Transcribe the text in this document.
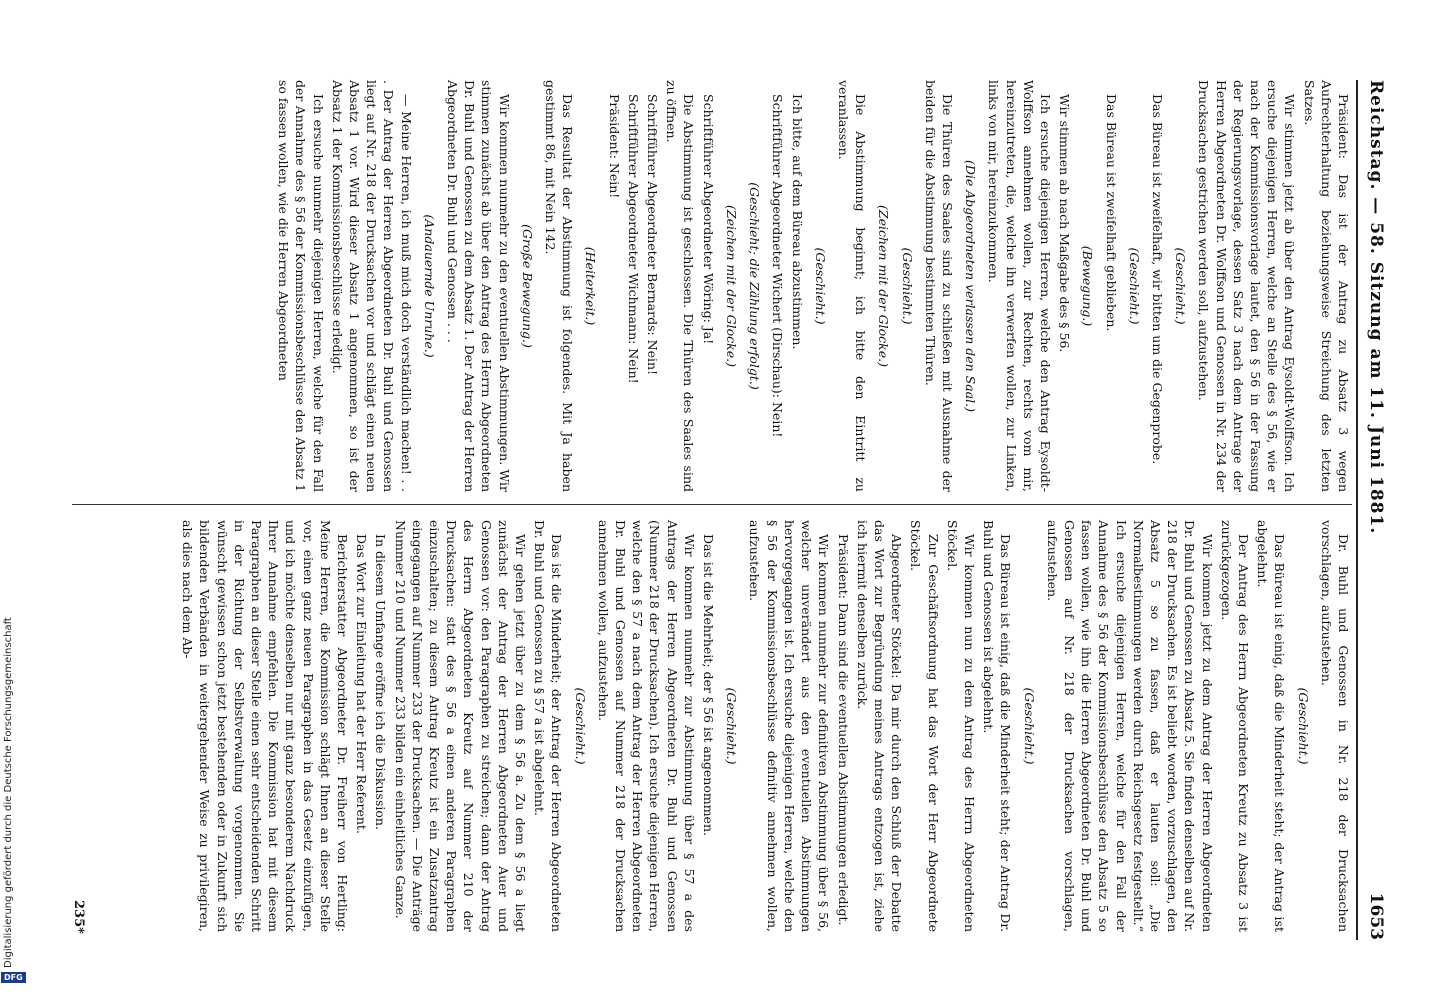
Reichstag. — 58. Sitzung am 11. Juni 1881.
1653

Präsident: Das ist der Antrag zu Absatz 3 wegen Aufrechterhaltung beziehungsweise Streichung des letzten Satzes.

Wir stimmen jetzt ab über den Antrag Eysoldt-Wolffson. Ich ersuche diejenigen Herren, welche an Stelle des § 56, wie er nach der Kommissionsvorlage lautet, den § 56 in der Fassung der Regierungsvorlage, dessen Satz 3 nach dem Antrage der Herren Abgeordneten Dr. Wolffson und Genossen in Nr. 234 der Drucksachen gestrichen werden soll, aufzustehen.

(Geschieht.)

Das Büreau ist zweifelhaft, wir bitten um die Gegenprobe.

(Geschieht.)

Das Büreau ist zweifelhaft geblieben.

(Bewegung.)

Wir stimmen ab nach Maßgabe des § 56.

Ich ersuche diejenigen Herren, welche den Antrag Eysoldt-Wolffson annehmen wollen, zur Rechten, rechts vom mir, hereinzutreten, die, welche ihn verwerfen wollen, zur Linken, links von mir, hereinzukommen.

(Die Abgeordneten verlassen den Saal.)

Die Thüren des Saales sind zu schließen mit Ausnahme der beiden für die Abstimmung bestimmten Thüren.

(Geschieht.)

(Zeichen mit der Glocke.)

Die Abstimmung beginnt; ich bitte den Eintritt zu veranlassen.

(Geschieht.)

Ich bitte, auf dem Büreau abzustimmen.

Schriftführer Abgeordneter Wichert (Dirschau): Nein!

(Geschieht; die Zählung erfolgt.)

(Zeichen mit der Glocke.)

Schriftführer Abgeordneter Wöring: Ja!

Die Abstimmung ist geschlossen. Die Thüren des Saales sind zu öffnen.

Schriftführer Abgeordneter Bernards: Nein!

Schriftführer Abgeordneter Wichmann: Nein!

Präsident: Nein!

(Heiterkeit.)

Das Resultat der Abstimmung ist folgendes. Mit Ja haben gestimmt 86, mit Nein 142.

(Große Bewegung.)

Wir kommen nunmehr zu den eventuellen Abstimmungen. Wir stimmen zunächst ab über den Antrag des Herrn Abgeordneten Dr. Buhl und Genossen zu dem Absatz 1. Der Antrag der Herren Abgeordneten Dr. Buhl und Genossen . . .

(Andauernde Unruhe.)

— Meine Herren, ich muß mich doch verständlich machen! . . . Der Antrag der Herren Abgeordneten Dr. Buhl und Genossen liegt auf Nr. 218 der Drucksachen vor und schlägt einen neuen Absatz 1 vor. Wird dieser Absatz 1 angenommen, so ist der Absatz 1 der Kommissionsbeschlüsse erledigt.

Ich ersuche nunmehr diejenigen Herren, welche für den Fall der Annahme des § 56 der Kommissionsbeschlüsse den Absatz 1 so fassen wollen, wie die Herren Abgeordneten

Dr. Buhl und Genossen in Nr. 218 der Drucksachen vorschlagen, aufzustehen.

(Geschieht.)

Das Büreau ist einig, daß die Minderheit steht; der Antrag ist abgelehnt.

Der Antrag des Herrn Abgeordneten Kreutz zu Absatz 3 ist zurückgezogen.

Wir kommen jetzt zu dem Antrag der Herren Abgeordneten Dr. Buhl und Genossen zu Absatz 5. Sie finden denselben auf Nr. 218 der Drucksachen. Es ist beliebt worden, vorzuschlagen, den Absatz 5 so zu fassen, daß er lauten soll: „Die Normalbestimmungen werden durch Reichsgesetz festgestellt.“ Ich ersuche diejenigen Herren, welche für den Fall der Annahme des § 56 der Kommissionsbeschlüsse den Absatz 5 so fassen wollen, wie ihn die Herren Abgeordneten Dr. Buhl und Genossen auf Nr. 218 der Drucksachen vorschlagen, aufzustehen.

(Geschieht.)

Das Büreau ist einig, daß die Minderheit steht; der Antrag Dr. Buhl und Genossen ist abgelehnt.

Wir kommen nun zu dem Antrag des Herrn Abgeordneten Stöckel.

Zur Geschäftsordnung hat das Wort der Herr Abgeordnete Stöckel.

Abgeordneter Stöckel: Da mir durch den Schluß der Debatte das Wort zur Begründung meines Antrags entzogen ist, ziehe ich hiermit denselben zurück.

Präsident: Dann sind die eventuellen Abstimmungen erledigt.

Wir kommen nunmehr zur definitiven Abstimmung über § 56, welcher unverändert aus den eventuellen Abstimmungen hervorgegangen ist. Ich ersuche diejenigen Herren, welche den § 56 der Kommissionsbeschlüsse definitiv annehmen wollen, aufzustehen.

(Geschieht.)

Das ist die Mehrheit; der § 56 ist angenommen.

Wir kommen nunmehr zur Abstimmung über § 57 a des Antrags der Herren Abgeordneten Dr. Buhl und Genossen (Nummer 218 der Drucksachen). Ich ersuche diejenigen Herren, welche den § 57 a nach dem Antrag der Herren Abgeordneten Dr. Buhl und Genossen auf Nummer 218 der Drucksachen annehmen wollen, aufzustehen.

(Geschieht.)

Das ist die Minderheit; der Antrag der Herren Abgeordneten Dr. Buhl und Genossen zu § 57 a ist abgelehnt.

Wir gehen jetzt über zu dem § 56 a. Zu dem § 56 a liegt zunächst der Antrag der Herren Abgeordneten Auer und Genossen vor: den Paragraphen zu streichen; dann der Antrag des Herrn Abgeordneten Kreutz auf Nummer 210 der Drucksachen: statt des § 56 a einen anderen Paragraphen einzuschalten; zu diesem Antrag Kreutz ist ein Zusatzantrag eingegangen auf Nummer 233 der Drucksachen. — Die Anträge Nummer 210 und Nummer 233 bilden ein einheitliches Ganze.

In diesem Umfange eröffne ich die Diskussion.

Das Wort zur Einleitung hat der Herr Referent.

Berichterstatter Abgeordneter Dr. Freiherr von Hertling: Meine Herren, die Kommission schlägt Ihnen an dieser Stelle vor, einen ganz neuen Paragraphen in das Gesetz einzufügen, und ich möchte denselben nur mit ganz besonderem Nachdruck Ihrer Annahme empfehlen. Die Kommission hat mit diesem Paragraphen an dieser Stelle einen sehr entscheidenden Schritt in der Richtung der Selbstverwaltung vorgenommen. Sie wünscht gewissen schon jetzt bestehenden oder in Zukunft sich bildenden Verbänden in weitergehender Weise zu privilegiren, als dies nach dem Ab-

235*
Digitalisierung gefördert durch die Deutsche Forschungsgemeinschaft
DFG
